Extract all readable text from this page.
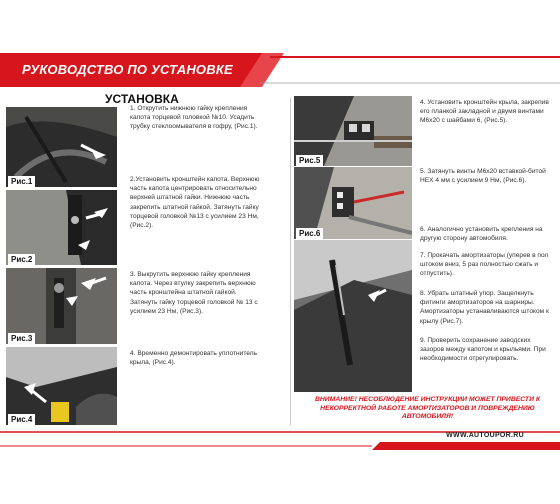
РУКОВОДСТВО ПО УСТАНОВКЕ
УСТАНОВКА
Рис.1
Рис.2
Рис.3
Рис.4
1. Открутить нижнюю гайку крепления
капота торцевой головкой №10. Усадить
трубку стеклоомывателя в гофру, (Рис.1).
2.Установить кронштейн капота. Верхнюю
часть капота центрировать относительно
верхней штатной гайки. Нижнюю часть
закрепить штатной гайкой. Затянуть гайку
торцевой головкой №13 с усилием 23 Нм,
(Рис.2).
3. Выкрутить верхнюю гайку крепления
капота. Через втулку закрепить верхнюю
часть кронштейна штатной гайкой.
Затянуть гайку торцевой головкой № 13 с
усилием 23 Нм, (Рис.3).
4. Временно демонтировать уплотнитель
крыла, (Рис.4).
Рис.5
Рис.6
4. Установить кронштейн крыла, закрепив
его планкой закладной и двумя винтами
М6х20 с шайбами 6, (Рис.5).
5. Затянуть винты М6х20 вставкой-битой
HEX 4 мм с усилием 9 Нм, (Рис.6).
6. Аналогично установить крепления на
другую сторону автомобиля.
7. Прокачать амортизаторы (уперев в пол
штоком вниз, 5 раз полностью сжать и
отпустить).
8. Убрать штатный упор. Защелкнуть
фитинги амортизаторов на шарниры.
Амортизаторы устанавливаются штоком к
крылу (Рис.7).
9. Проверить сохранение заводских
зазоров между капотом и крыльями. При
необходимости отрегулировать.
ВНИМАНИЕ! НЕСОБЛЮДЕНИЕ ИНСТРУКЦИИ МОЖЕТ ПРИВЕСТИ К
НЕКОРРЕКТНОЙ РАБОТЕ АМОРТИЗАТОРОВ И ПОВРЕЖДЕНИЮ
АВТОМОБИЛЯ!
WWW.AUTOUPOR.RU
